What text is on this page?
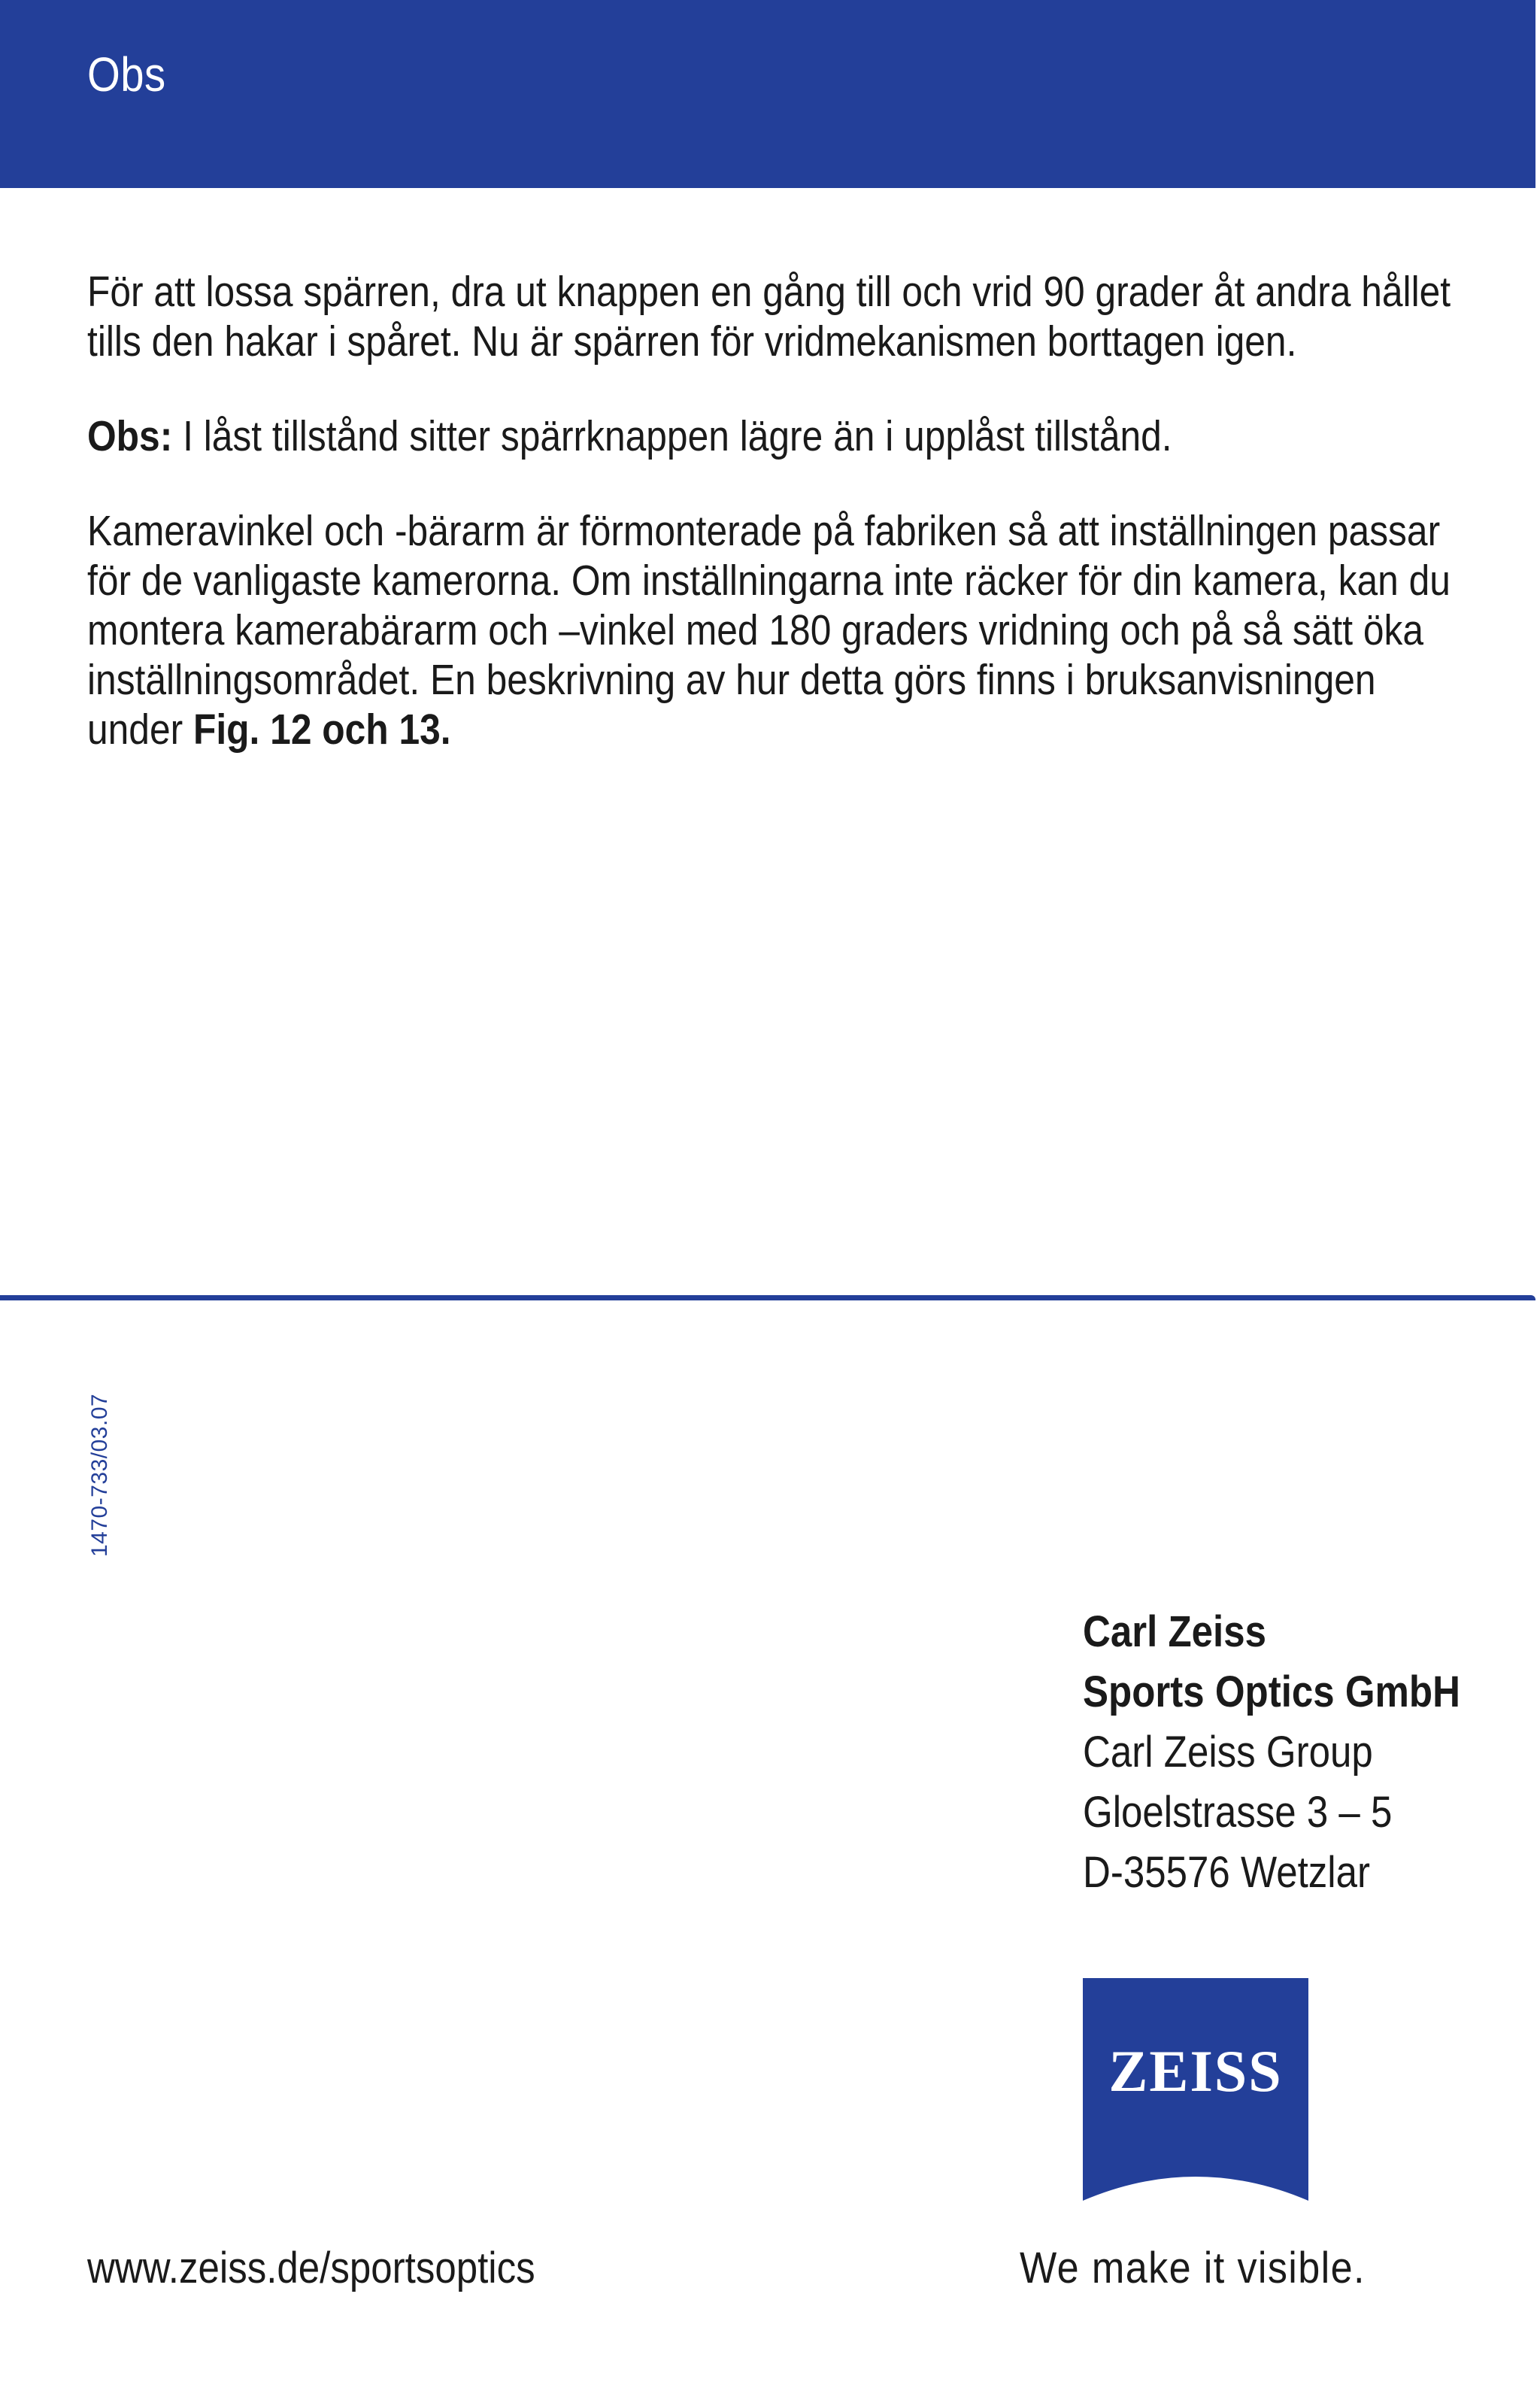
Obs

För att lossa spärren, dra ut knappen en gång till och vrid 90 grader åt andra hållet tills den hakar i spåret. Nu är spärren för vridmekanismen borttagen igen.

Obs: I låst tillstånd sitter spärrknappen lägre än i upplåst tillstånd.

Kameravinkel och -bärarm är förmonterade på fabriken så att inställningen passar för de vanligaste kamerorna. Om inställningarna inte räcker för din kamera, kan du montera kamerabärarm och –vinkel med 180 graders vridning och på så sätt öka inställningsområdet. En beskrivning av hur detta görs finns i bruksanvisningen under Fig. 12 och 13.

1470-733/03.07
Carl Zeiss
Sports Optics GmbH
Carl Zeiss Group
Gloelstrasse 3 – 5
D-35576 Wetzlar
ZEISS
www.zeiss.de/sportsoptics	We make it visible.
